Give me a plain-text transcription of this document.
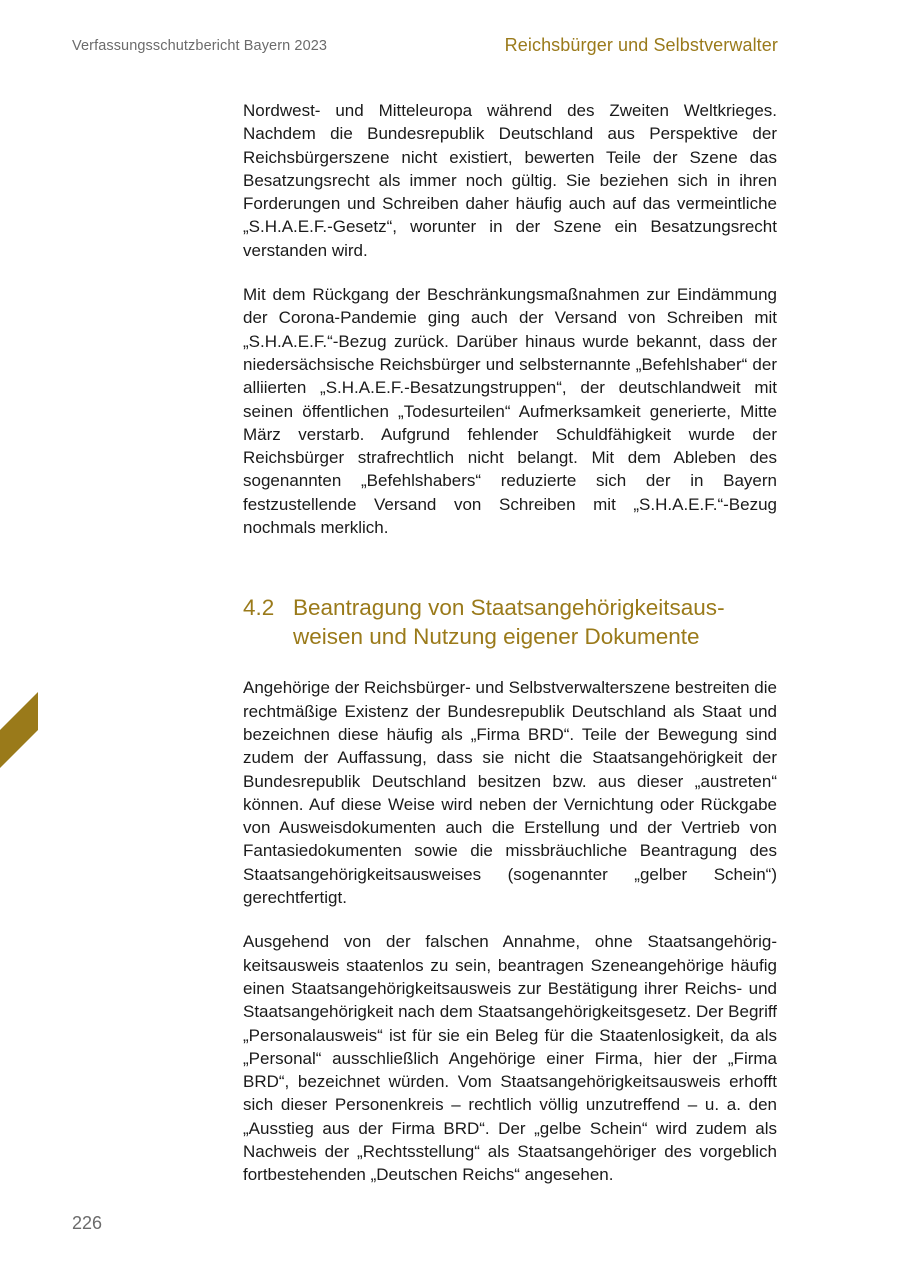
Verfassungsschutzbericht Bayern 2023	Reichsbürger und Selbstverwalter

Nordwest- und Mitteleuropa während des Zweiten Weltkrieges. Nachdem die Bundesrepublik Deutschland aus Perspektive der Reichsbürgerszene nicht existiert, bewerten Teile der Szene das Besatzungsrecht als immer noch gültig. Sie beziehen sich in ihren Forderungen und Schreiben daher häufig auch auf das vermeintliche „S.H.A.E.F.-Gesetz“, worunter in der Szene ein Besatzungsrecht verstanden wird.

Mit dem Rückgang der Beschränkungsmaßnahmen zur Eindämmung der Corona-Pandemie ging auch der Versand von Schreiben mit „S.H.A.E.F.“-Bezug zurück. Darüber hinaus wurde bekannt, dass der niedersächsische Reichsbürger und selbsternannte „Befehlshaber“ der alliierten „S.H.A.E.F.-Besatzungstruppen“, der deutschlandweit mit seinen öffentlichen „Todesurteilen“ Aufmerksamkeit generierte, Mitte März verstarb. Aufgrund fehlender Schuldfähigkeit wurde der Reichsbürger strafrechtlich nicht belangt. Mit dem Ableben des sogenannten „Befehlshabers“ reduzierte sich der in Bayern festzustellende Versand von Schreiben mit „S.H.A.E.F.“-Bezug nochmals merklich.

4.2 Beantragung von Staatsangehörigkeitsausweisen und Nutzung eigener Dokumente

Angehörige der Reichsbürger- und Selbstverwalterszene bestreiten die rechtmäßige Existenz der Bundesrepublik Deutschland als Staat und bezeichnen diese häufig als „Firma BRD“. Teile der Bewegung sind zudem der Auffassung, dass sie nicht die Staatsangehörigkeit der Bundesrepublik Deutschland besitzen bzw. aus dieser „austreten“ können. Auf diese Weise wird neben der Vernichtung oder Rückgabe von Ausweisdokumenten auch die Erstellung und der Vertrieb von Fantasiedokumenten sowie die missbräuchliche Beantragung des Staatsangehörigkeitsausweises (sogenannter „gelber Schein“) gerechtfertigt.

Ausgehend von der falschen Annahme, ohne Staatsangehörigkeitsausweis staatenlos zu sein, beantragen Szeneangehörige häufig einen Staatsangehörigkeitsausweis zur Bestätigung ihrer Reichs- und Staatsangehörigkeit nach dem Staatsangehörigkeitsgesetz. Der Begriff „Personalausweis“ ist für sie ein Beleg für die Staatenlosigkeit, da als „Personal“ ausschließlich Angehörige einer Firma, hier der „Firma BRD“, bezeichnet würden. Vom Staatsangehörigkeitsausweis erhofft sich dieser Personenkreis – rechtlich völlig unzutreffend – u. a. den „Ausstieg aus der Firma BRD“. Der „gelbe Schein“ wird zudem als Nachweis der „Rechtsstellung“ als Staatsangehöriger des vorgeblich fortbestehenden „Deutschen Reichs“ angesehen.

226
